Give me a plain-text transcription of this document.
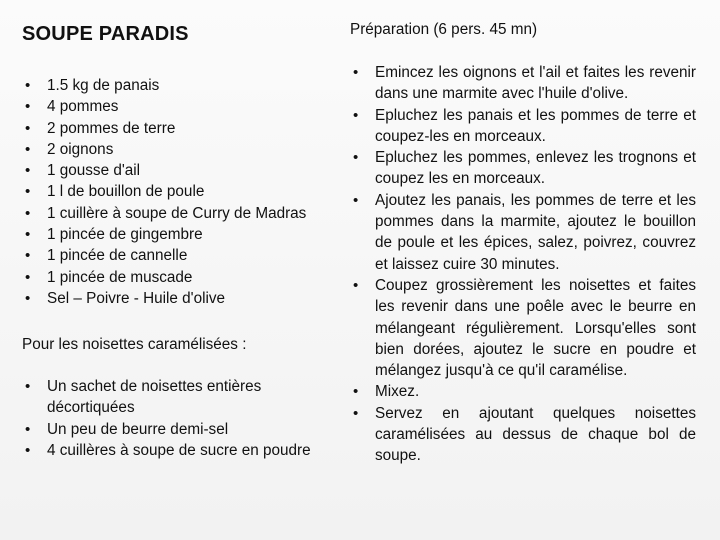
SOUPE PARADIS
• 1.5 kg de panais
• 4 pommes
• 2 pommes de terre
• 2 oignons
• 1 gousse d'ail
• 1 l de bouillon de poule
• 1 cuillère à soupe de Curry de Madras
• 1 pincée de gingembre
• 1 pincée de cannelle
• 1 pincée de muscade
• Sel – Poivre - Huile d'olive

Pour les noisettes caramélisées :

• Un sachet de noisettes entières décortiquées
• Un peu de beurre demi-sel
• 4 cuillères à soupe de sucre en poudre

Préparation (6 pers. 45 mn)

• Emincez les oignons et l'ail et faites les revenir dans une marmite avec l'huile d'olive.
• Epluchez les panais et les pommes de terre et coupez-les en morceaux.
• Epluchez les pommes, enlevez les trognons et coupez les en morceaux.
• Ajoutez les panais, les pommes de terre et les pommes dans la marmite, ajoutez le bouillon de poule et les épices, salez, poivrez, couvrez et laissez cuire 30 minutes.
• Coupez grossièrement les noisettes et faites les revenir dans une poêle avec le beurre en mélangeant régulièrement. Lorsqu'elles sont bien dorées, ajoutez le sucre en poudre et mélangez jusqu'à ce qu'il caramélise.
• Mixez.
• Servez en ajoutant quelques noisettes caramélisées au dessus de chaque bol de soupe.
